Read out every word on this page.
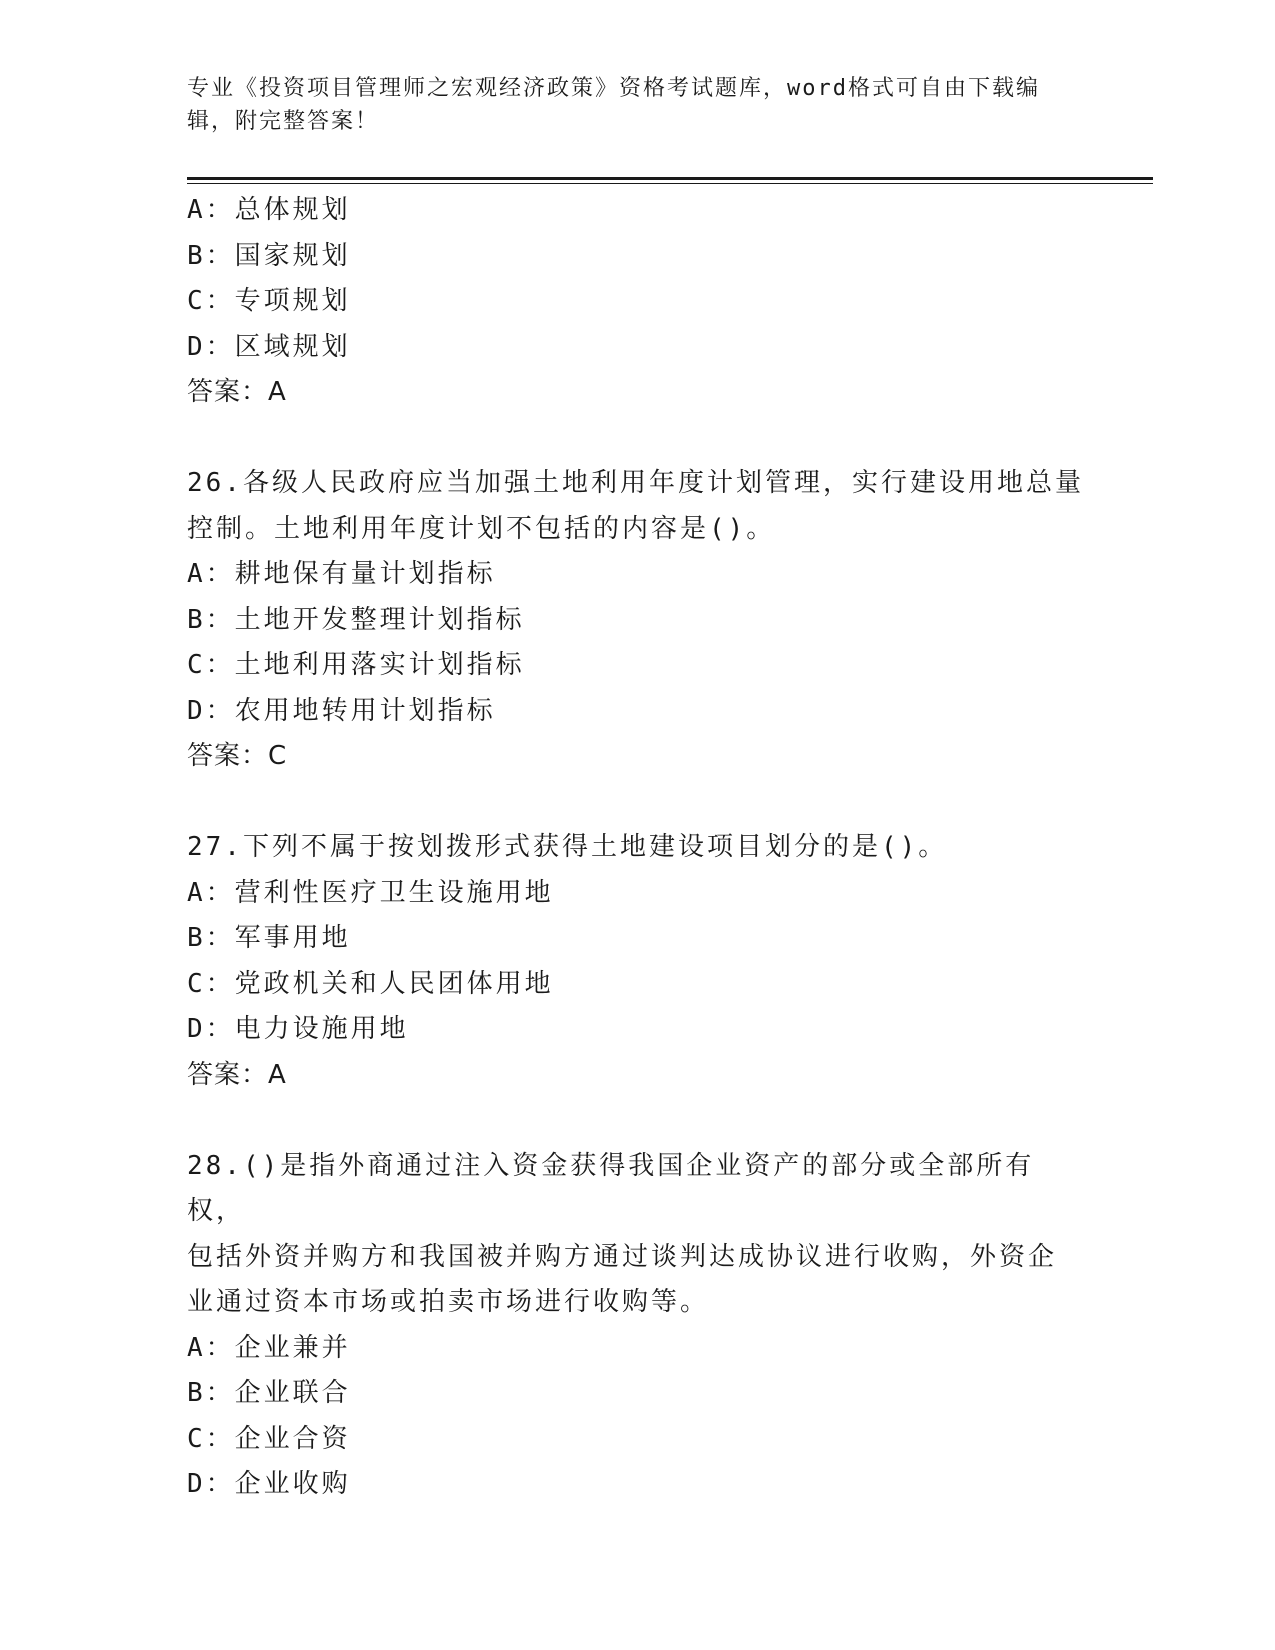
专业《投资项目管理师之宏观经济政策》资格考试题库，word格式可自由下载编
辑，附完整答案！
A：总体规划
B：国家规划
C：专项规划
D：区域规划
答案：A
26.各级人民政府应当加强土地利用年度计划管理，实行建设用地总量
控制。土地利用年度计划不包括的内容是()。
A：耕地保有量计划指标
B：土地开发整理计划指标
C：土地利用落实计划指标
D：农用地转用计划指标
答案：C
27.下列不属于按划拨形式获得土地建设项目划分的是()。
A：营利性医疗卫生设施用地
B：军事用地
C：党政机关和人民团体用地
D：电力设施用地
答案：A
28.()是指外商通过注入资金获得我国企业资产的部分或全部所有权，
包括外资并购方和我国被并购方通过谈判达成协议进行收购，外资企
业通过资本市场或拍卖市场进行收购等。
A：企业兼并
B：企业联合
C：企业合资
D：企业收购
